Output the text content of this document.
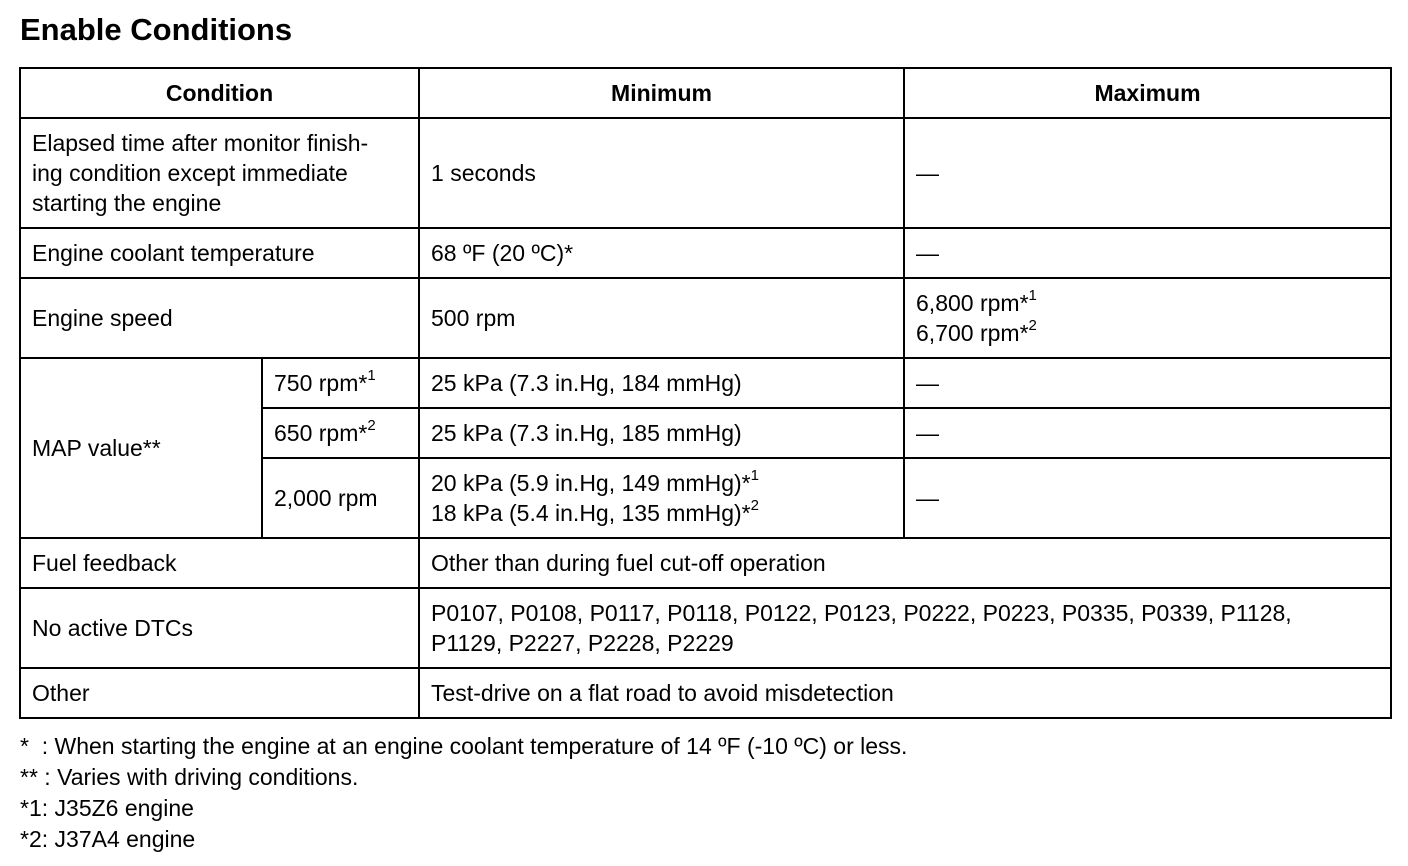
Enable Conditions
Condition		Minimum	Maximum

Elapsed time after monitor finish-
ing condition except immediate
starting the engine		1 seconds	—
Engine coolant temperature		68 ºF (20 ºC)*	—
Engine speed		500 rpm	6,800 rpm*$^1$
6,700 rpm*$^2$

MAP value**	750 rpm*$^1$	25 kPa (7.3 in.Hg, 184 mmHg)	—
	650 rpm*$^2$	25 kPa (7.3 in.Hg, 185 mmHg)	—
	2,000 rpm	20 kPa (5.9 in.Hg, 149 mmHg)*$^1$
18 kPa (5.4 in.Hg, 135 mmHg)*$^2$	—
Fuel feedback		Other than during fuel cut-off operation	
No active DTCs		P0107, P0108, P0117, P0118, P0122, P0123, P0222, P0223, P0335, P0339, P1128,
P1129, P2227, P2228, P2229	

Other		Test-drive on a flat road to avoid misdetection	
*  : When starting the engine at an engine coolant temperature of 14 ºF (-10 ºC) or less.
** : Varies with driving conditions.
*1: J35Z6 engine
*2: J37A4 engine
